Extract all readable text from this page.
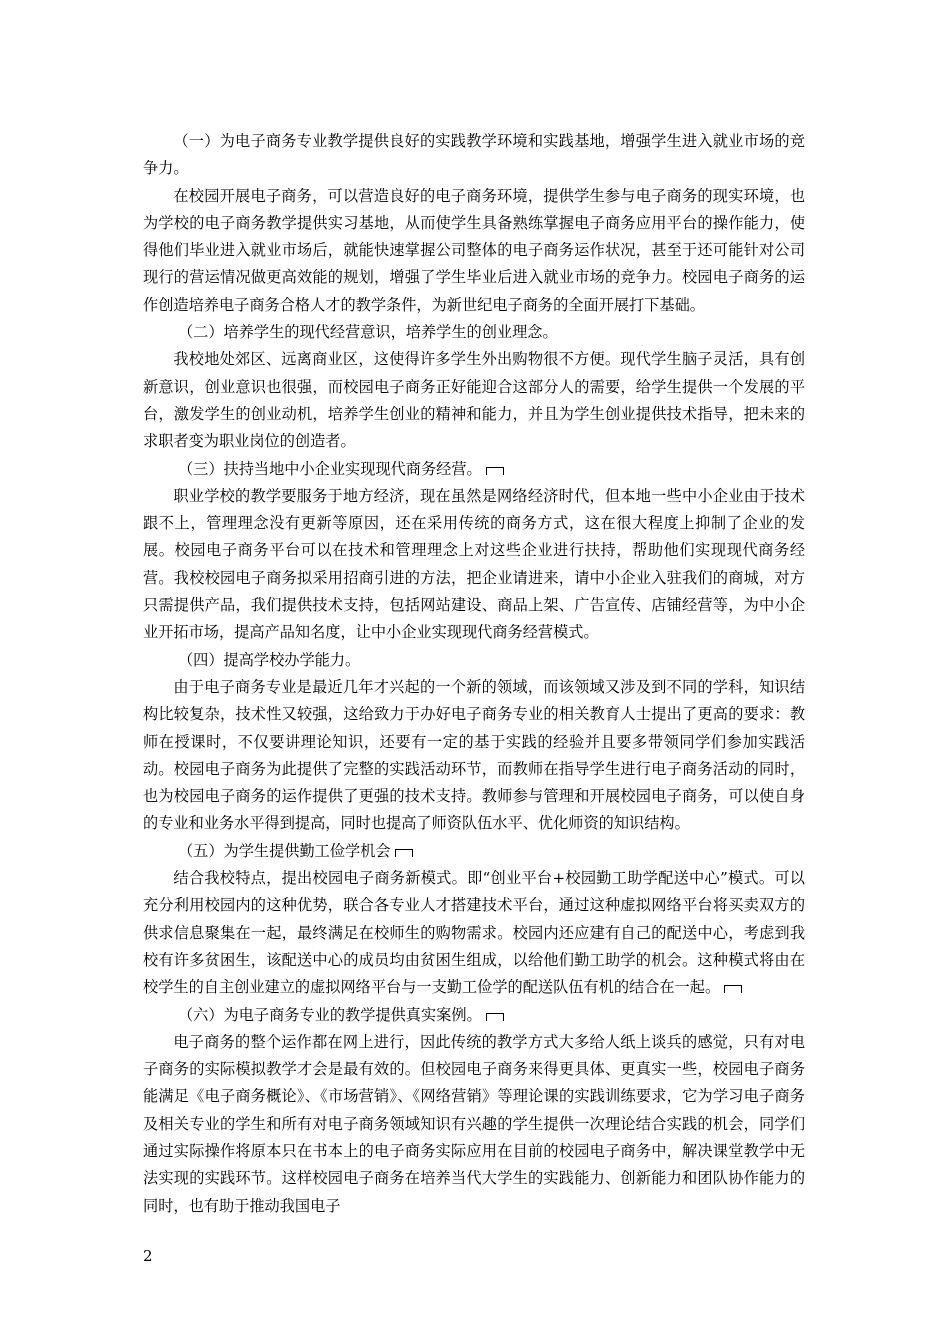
（一）为电子商务专业教学提供良好的实践教学环境和实践基地，增强学生进入就业市场的竞争力。

在校园开展电子商务，可以营造良好的电子商务环境，提供学生参与电子商务的现实环境，也为学校的电子商务教学提供实习基地，从而使学生具备熟练掌握电子商务应用平台的操作能力，使得他们毕业进入就业市场后，就能快速掌握公司整体的电子商务运作状况，甚至于还可能针对公司现行的营运情况做更高效能的规划，增强了学生毕业后进入就业市场的竞争力。校园电子商务的运作创造培养电子商务合格人才的教学条件，为新世纪电子商务的全面开展打下基础。

（二）培养学生的现代经营意识，培养学生的创业理念。

我校地处郊区、远离商业区，这使得许多学生外出购物很不方便。现代学生脑子灵活，具有创新意识，创业意识也很强，而校园电子商务正好能迎合这部分人的需要，给学生提供一个发展的平台，激发学生的创业动机，培养学生创业的精神和能力，并且为学生创业提供技术指导，把未来的求职者变为职业岗位的创造者。

（三）扶持当地中小企业实现现代商务经营。

职业学校的教学要服务于地方经济，现在虽然是网络经济时代，但本地一些中小企业由于技术跟不上，管理理念没有更新等原因，还在采用传统的商务方式，这在很大程度上抑制了企业的发展。校园电子商务平台可以在技术和管理理念上对这些企业进行扶持，帮助他们实现现代商务经营。我校校园电子商务拟采用招商引进的方法，把企业请进来，请中小企业入驻我们的商城，对方只需提供产品，我们提供技术支持，包括网站建设、商品上架、广告宣传、店铺经营等，为中小企业开拓市场，提高产品知名度，让中小企业实现现代商务经营模式。

（四）提高学校办学能力。

由于电子商务专业是最近几年才兴起的一个新的领域，而该领域又涉及到不同的学科，知识结构比较复杂，技术性又较强，这给致力于办好电子商务专业的相关教育人士提出了更高的要求：教师在授课时，不仅要讲理论知识，还要有一定的基于实践的经验并且要多带领同学们参加实践活动。校园电子商务为此提供了完整的实践活动环节，而教师在指导学生进行电子商务活动的同时，也为校园电子商务的运作提供了更强的技术支持。教师参与管理和开展校园电子商务，可以使自身的专业和业务水平得到提高，同时也提高了师资队伍水平、优化师资的知识结构。

（五）为学生提供勤工俭学机会

结合我校特点，提出校园电子商务新模式。即“创业平台+校园勤工助学配送中心”模式。可以充分利用校园内的这种优势，联合各专业人才搭建技术平台，通过这种虚拟网络平台将买卖双方的供求信息聚集在一起，最终满足在校师生的购物需求。校园内还应建有自己的配送中心，考虑到我校有许多贫困生，该配送中心的成员均由贫困生组成，以给他们勤工助学的机会。这种模式将由在校学生的自主创业建立的虚拟网络平台与一支勤工俭学的配送队伍有机的结合在一起。

（六）为电子商务专业的教学提供真实案例。

电子商务的整个运作都在网上进行，因此传统的教学方式大多给人纸上谈兵的感觉，只有对电子商务的实际模拟教学才会是最有效的。但校园电子商务来得更具体、更真实一些，校园电子商务能满足《电子商务概论》、《市场营销》、《网络营销》等理论课的实践训练要求，它为学习电子商务及相关专业的学生和所有对电子商务领域知识有兴趣的学生提供一次理论结合实践的机会，同学们通过实际操作将原本只在书本上的电子商务实际应用在目前的校园电子商务中，解决课堂教学中无法实现的实践环节。这样校园电子商务在培养当代大学生的实践能力、创新能力和团队协作能力的同时，也有助于推动我国电子

2
